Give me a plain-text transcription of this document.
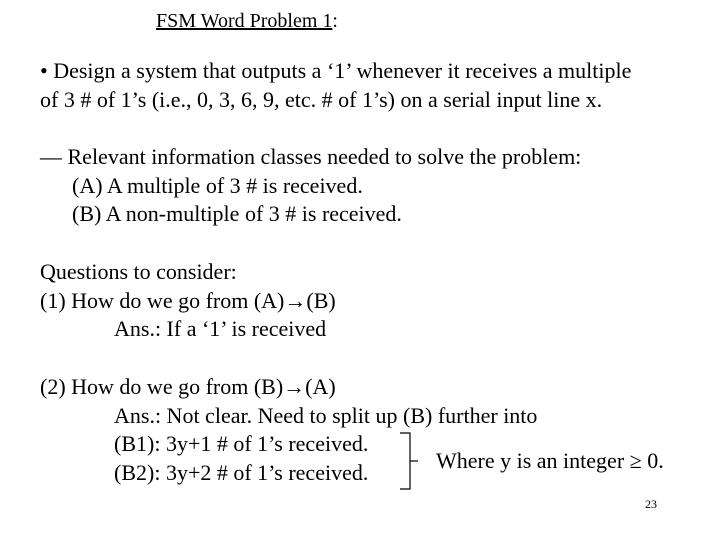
FSM Word Problem 1:
• Design a system that outputs a ‘1’ whenever it receives a multiple
of 3 # of 1’s (i.e., 0, 3, 6, 9, etc. # of 1’s) on a serial input line x.
— Relevant information classes needed to solve the problem:
(A) A multiple of 3 # is received.
(B) A non-multiple of 3 # is received.
Questions to consider:
(1) How do we go from (A)→(B)
Ans.: If a ‘1’ is received
(2) How do we go from (B)→(A)
Ans.: Not clear. Need to split up (B) further into
(B1): 3y+1 # of 1’s received.
(B2): 3y+2 # of 1’s received.	Where y is an integer ≥ 0.
23
